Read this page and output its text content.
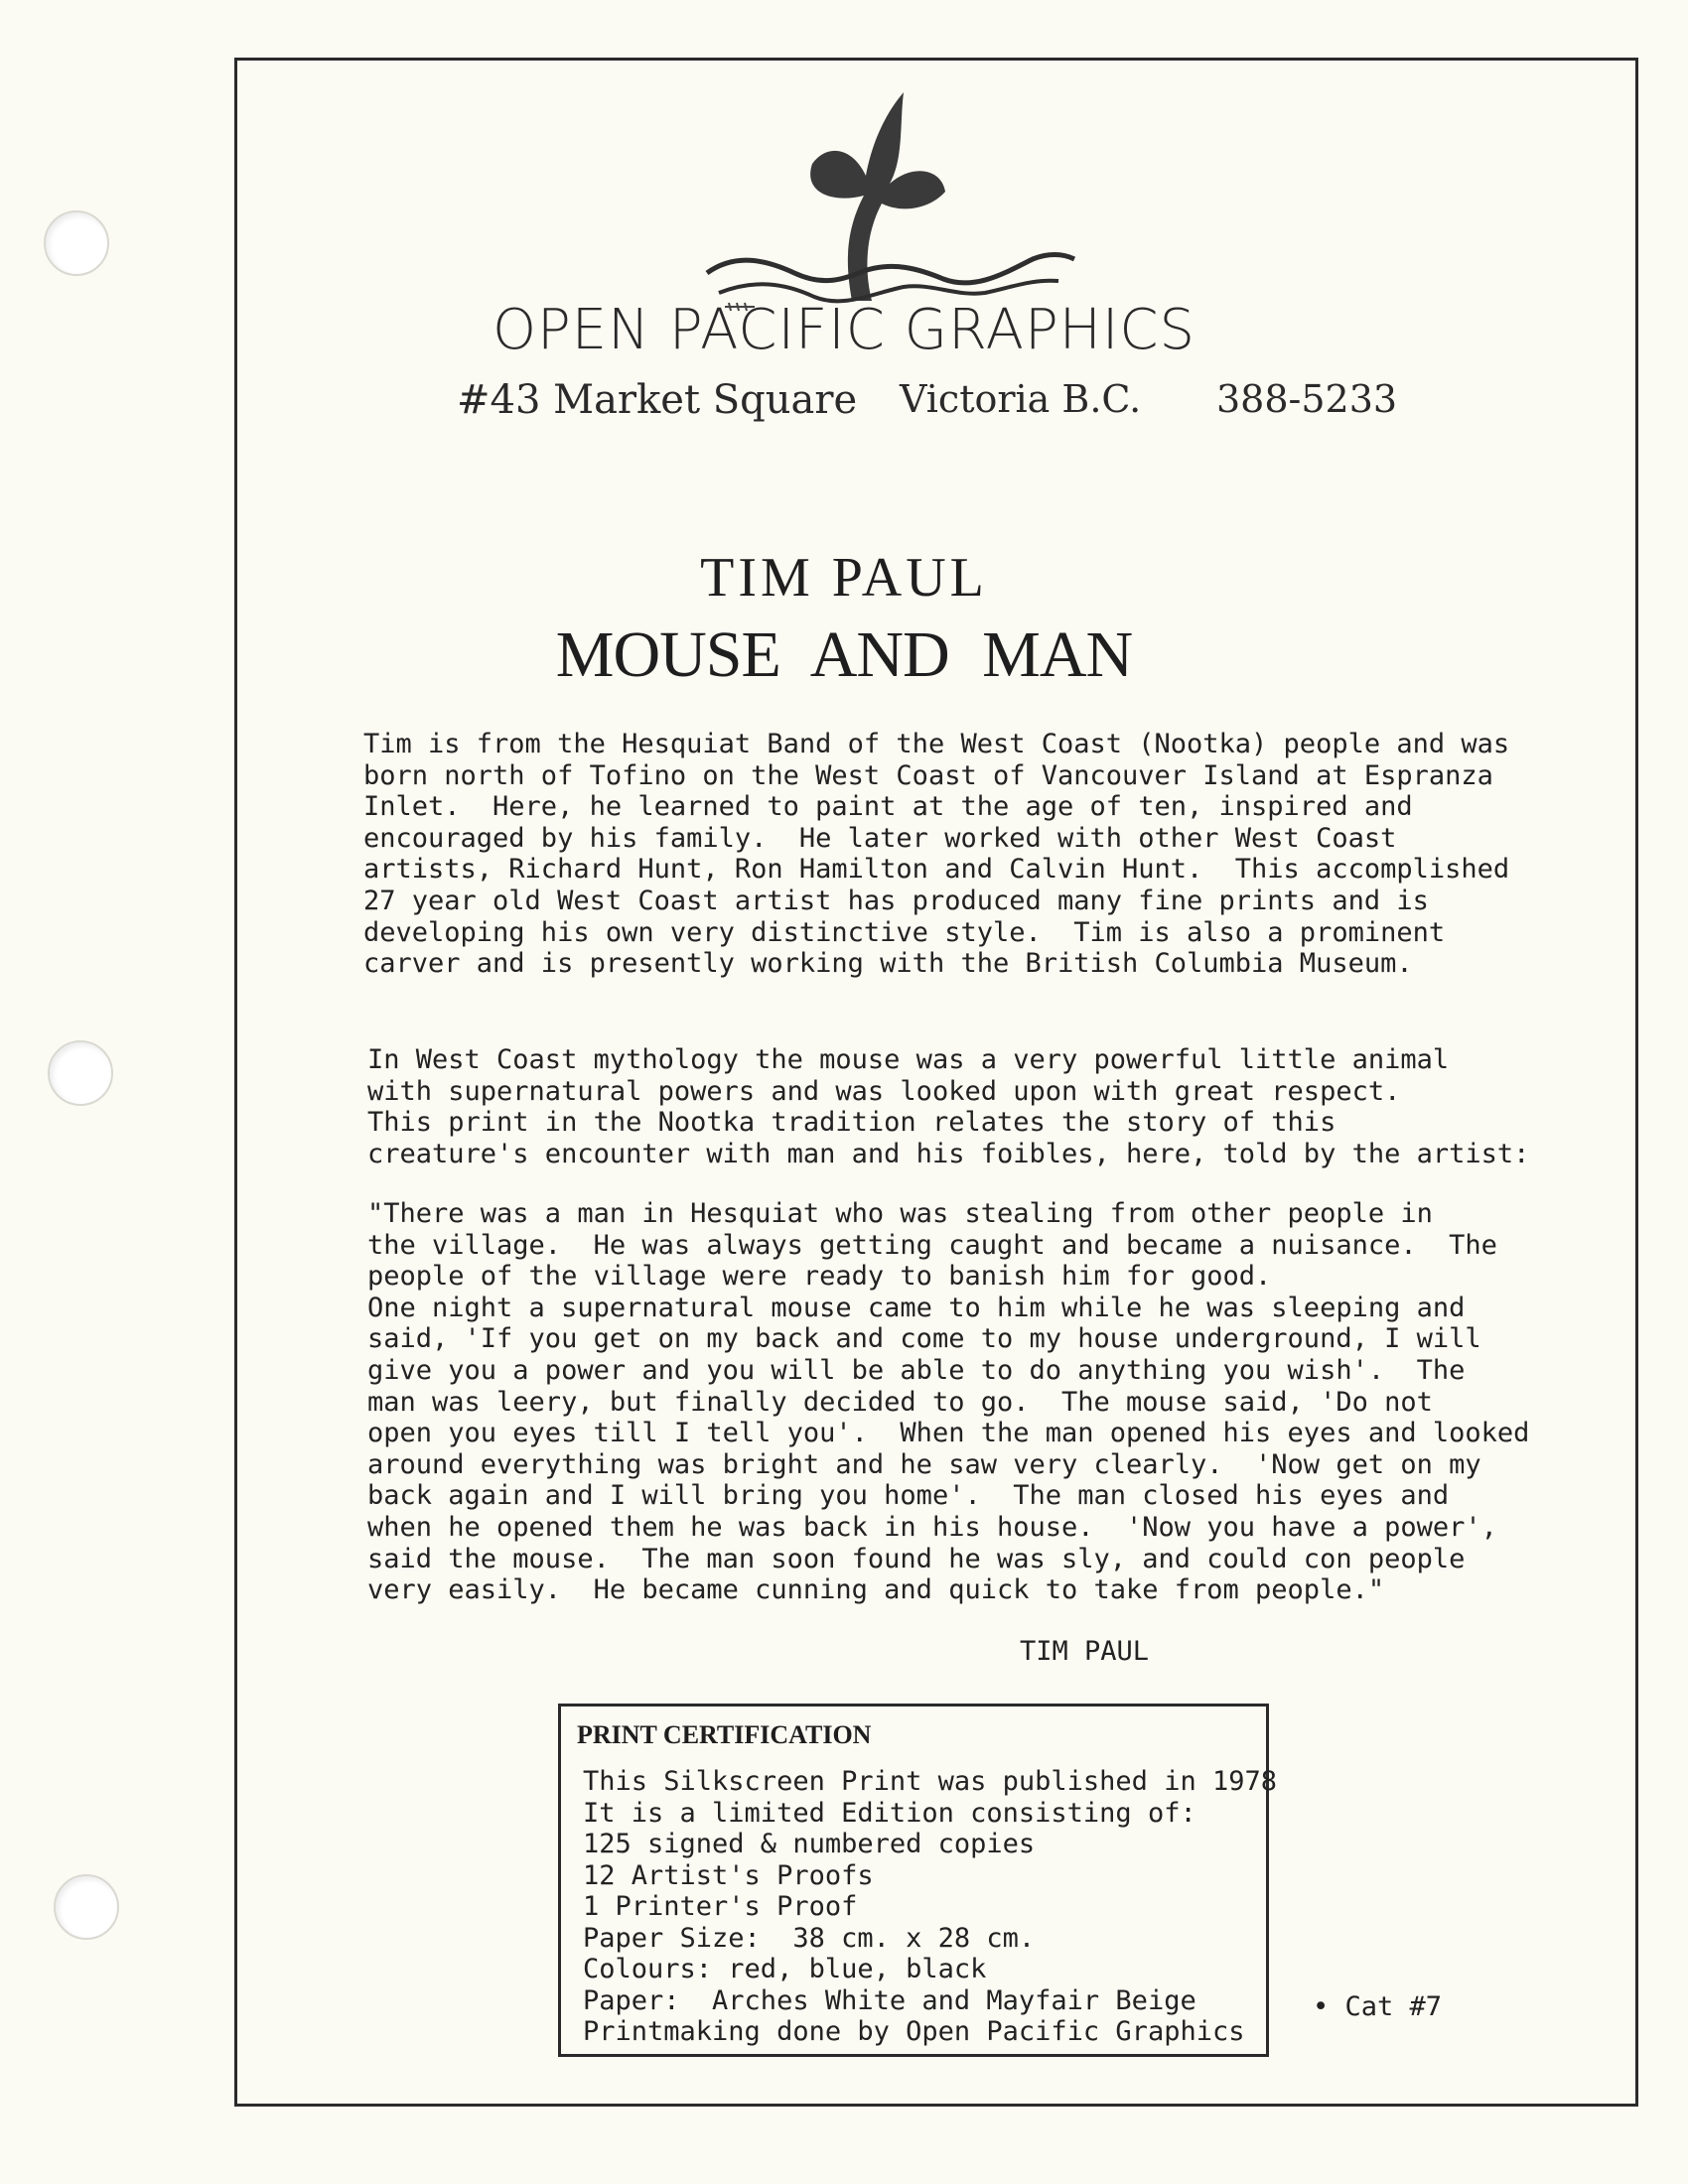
OPEN PACIFIC GRAPHICS
#43 Market Square Victoria B.C. 388-5233
TIM PAUL
MOUSE AND MAN

Tim is from the Hesquiat Band of the West Coast (Nootka) people and was
born north of Tofino on the West Coast of Vancouver Island at Espranza
Inlet.  Here, he learned to paint at the age of ten, inspired and
encouraged by his family.  He later worked with other West Coast
artists, Richard Hunt, Ron Hamilton and Calvin Hunt.  This accomplished
27 year old West Coast artist has produced many fine prints and is
developing his own very distinctive style.  Tim is also a prominent
carver and is presently working with the British Columbia Museum.

In West Coast mythology the mouse was a very powerful little animal
with supernatural powers and was looked upon with great respect.
This print in the Nootka tradition relates the story of this
creature's encounter with man and his foibles, here, told by the artist:

"There was a man in Hesquiat who was stealing from other people in
the village.  He was always getting caught and became a nuisance.  The
people of the village were ready to banish him for good.
One night a supernatural mouse came to him while he was sleeping and
said, 'If you get on my back and come to my house underground, I will
give you a power and you will be able to do anything you wish'.  The
man was leery, but finally decided to go.  The mouse said, 'Do not
open you eyes till I tell you'.  When the man opened his eyes and looked
around everything was bright and he saw very clearly.  'Now get on my
back again and I will bring you home'.  The man closed his eyes and
when he opened them he was back in his house.  'Now you have a power',
said the mouse.  The man soon found he was sly, and could con people
very easily.  He became cunning and quick to take from people."

TIM PAUL
PRINT CERTIFICATION

This Silkscreen Print was published in 1978
It is a limited Edition consisting of:
125 signed & numbered copies
12 Artist's Proofs
1 Printer's Proof
Paper Size:  38 cm. x 28 cm.
Colours: red, blue, black
Paper:  Arches White and Mayfair Beige
Printmaking done by Open Pacific Graphics

• Cat #7
